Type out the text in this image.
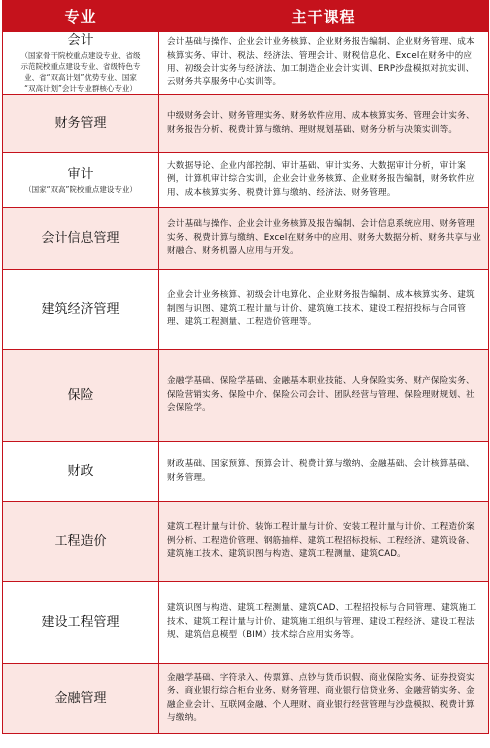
专业	主干课程

会计
（国家骨干院校重点建设专业、省级
示范院校重点建设专业、省级特色专
业、省“双高计划”优势专业、国家
“双高计划”会计专业群核心专业）	会计基础与操作、企业会计业务核算、企业财务报告编制、企业财务管理、成本核算实务、审计、税法、经济法、管理会计、财税信息化、Excel在财务中的应用、初级会计实务与经济法、加工制造企业会计实训、ERP沙盘模拟对抗实训、云财务共享服务中心实训等。

财务管理	中级财务会计、财务管理实务、财务软件应用、成本核算实务、管理会计实务、财务报告分析、税费计算与缴纳、理财规划基础、财务分析与决策实训等。

审计
（国家“双高”院校重点建设专业）	大数据导论、企业内部控制、审计基础、审计实务、大数据审计分析，审计案例，计算机审计综合实训，企业会计业务核算、企业财务报告编制，财务软件应用、成本核算实务、税费计算与缴纳、经济法、财务管理。

会计信息管理	会计基础与操作、企业会计业务核算及报告编制、会计信息系统应用、财务管理实务、税费计算与缴纳、Excel在财务中的应用、财务大数据分析、财务共享与业财融合、财务机器人应用与开发。

建筑经济管理	企业会计业务核算、初级会计电算化、企业财务报告编制、成本核算实务、建筑制图与识图、建筑工程计量与计价、建筑施工技术、建设工程招投标与合同管理、建筑工程测量、工程造价管理等。

保险	金融学基础、保险学基础、金融基本职业技能、人身保险实务、财产保险实务、保险营销实务、保险中介、保险公司会计、团队经营与管理、保险理财规划、社会保险学。

财政	财政基础、国家预算、预算会计、税费计算与缴纳、金融基础、会计核算基础、财务管理。

工程造价	建筑工程计量与计价、装饰工程计量与计价、安装工程计量与计价、工程造价案例分析、工程造价管理、钢筋抽样、建筑工程招标投标、工程经济、建筑设备、建筑施工技术、建筑识图与构造、建筑工程测量、建筑CAD。

建设工程管理	建筑识图与构造、建筑工程测量、建筑CAD、工程招投标与合同管理、建筑施工技术、建筑工程计量与计价、建筑施工组织与管理、建设工程经济、建设工程法规、建筑信息模型（BIM）技术综合应用实务等。

金融管理	金融学基础、字符录入、传票算、点钞与货币识假、商业保险实务、证券投资实务、商业银行综合柜台业务、财务管理、商业银行信贷业务、金融营销实务、金融企业会计、互联网金融、个人理财、商业银行经营管理与沙盘模拟、税费计算与缴纳。
